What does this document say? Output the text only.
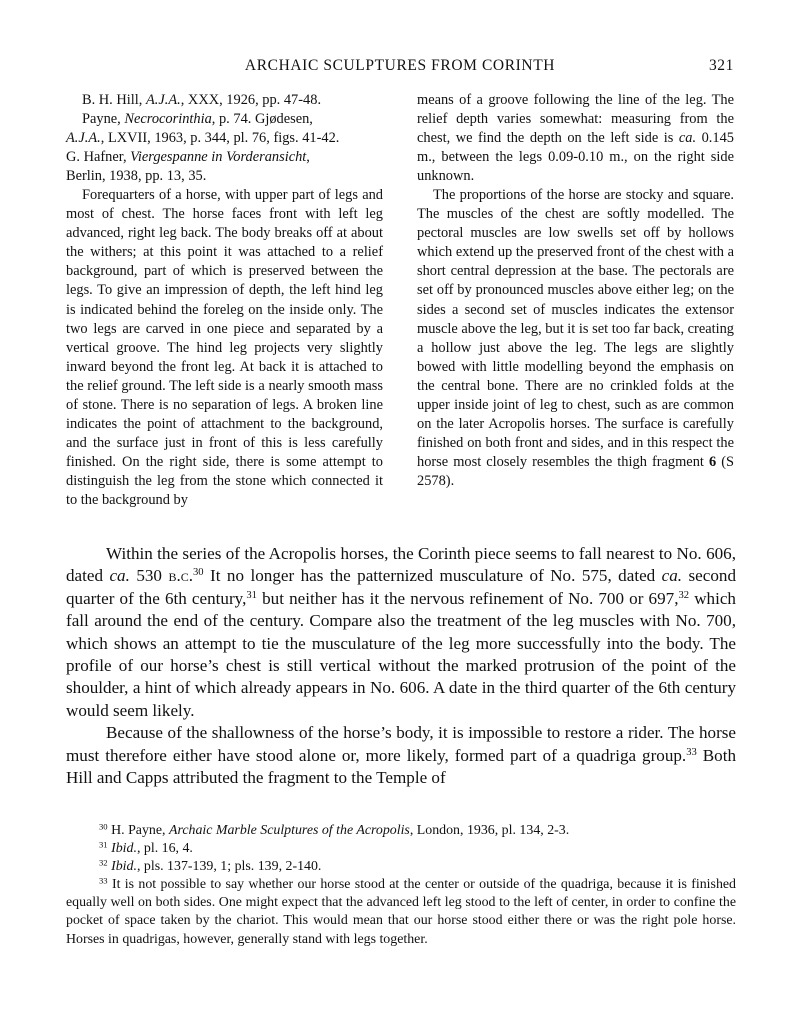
ARCHAIC SCULPTURES FROM CORINTH	321

B. H. Hill, A.J.A., XXX, 1926, pp. 47-48.

Payne, Necrocorinthia, p. 74. Gjødesen,

A.J.A., LXVII, 1963, p. 344, pl. 76, figs. 41-42.

G. Hafner, Viergespanne in Vorderansicht,

Berlin, 1938, pp. 13, 35.

Forequarters of a horse, with upper part of legs and most of chest. The horse faces front with left leg advanced, right leg back. The body breaks off at about the withers; at this point it was attached to a relief background, part of which is preserved between the legs. To give an impression of depth, the left hind leg is indicated behind the foreleg on the inside only. The two legs are carved in one piece and separated by a vertical groove. The hind leg projects very slightly inward beyond the front leg. At back it is attached to the relief ground. The left side is a nearly smooth mass of stone. There is no separation of legs. A broken line indicates the point of attachment to the background, and the surface just in front of this is less carefully finished. On the right side, there is some attempt to distinguish the leg from the stone which connected it to the background by

means of a groove following the line of the leg. The relief depth varies somewhat: measuring from the chest, we find the depth on the left side is ca. 0.145 m., between the legs 0.09-0.10 m., on the right side unknown.

The proportions of the horse are stocky and square. The muscles of the chest are softly modelled. The pectoral muscles are low swells set off by hollows which extend up the preserved front of the chest with a short central depression at the base. The pectorals are set off by pronounced muscles above either leg; on the sides a second set of muscles indicates the extensor muscle above the leg, but it is set too far back, creating a hollow just above the leg. The legs are slightly bowed with little modelling beyond the emphasis on the central bone. There are no crinkled folds at the upper inside joint of leg to chest, such as are common on the later Acropolis horses. The surface is carefully finished on both front and sides, and in this respect the horse most closely resembles the thigh fragment 6 (S 2578).

Within the series of the Acropolis horses, the Corinth piece seems to fall nearest to No. 606, dated ca. 530 b.c.$^{30}$ It no longer has the patternized musculature of No. 575, dated ca. second quarter of the 6th century,$^{31}$ but neither has it the nervous refinement of No. 700 or 697,32 which fall around the end of the century. Compare also the treatment of the leg muscles with No. 700, which shows an attempt to tie the musculature of the leg more successfully into the body. The profile of our horse’s chest is still vertical without the marked protrusion of the point of the shoulder, a hint of which already appears in No. 606. A date in the third quarter of the 6th century would seem likely.

Because of the shallowness of the horse’s body, it is impossible to restore a rider. The horse must therefore either have stood alone or, more likely, formed part of a quadriga group.$^{33}$ Both Hill and Capps attributed the fragment to the Temple of

$^{30}$ H. Payne, Archaic Marble Sculptures of the Acropolis, London, 1936, pl. 134, 2-3.

$^{31}$ Ibid., pl. 16, 4.

$^{32}$ Ibid., pls. 137-139, 1; pls. 139, 2-140.

$^{33}$ It is not possible to say whether our horse stood at the center or outside of the quadriga, because it is finished equally well on both sides. One might expect that the advanced left leg stood to the left of center, in order to confine the pocket of space taken by the chariot. This would mean that our horse stood either there or was the right pole horse. Horses in quadrigas, however, generally stand with legs together.
